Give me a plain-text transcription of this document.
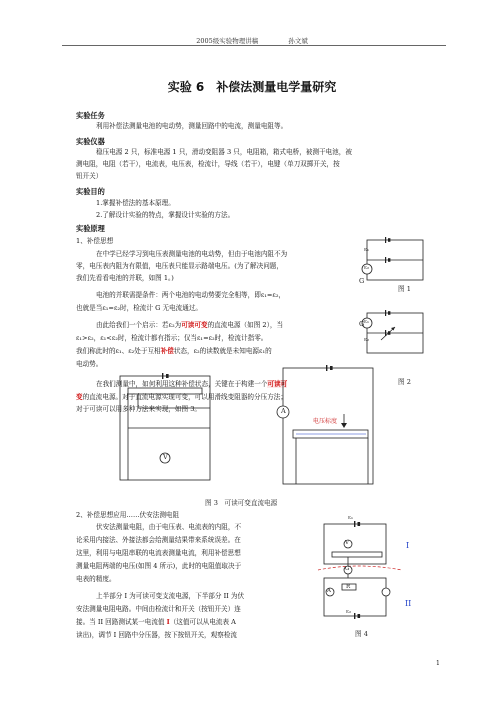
2005级实验物理讲稿	孙文斌
实验 6　补偿法测量电学量研究
实验任务
利用补偿法测量电池的电动势，测量回路中的电流，测量电阻等。
实验仪器
稳压电源 2 只，标准电源 1 只，滑动变阻器 3 只，电阻箱，箱式电桥，被测干电池，被
测电阻，电阻（若干），电流表，电压表，检流计，导线（若干），电键（单刀双掷开关，按
钮开关）
实验目的
1.掌握补偿法的基本原理。
2.了解设计实验的特点，掌握设计实验的方法。
实验原理
1、补偿思想
在中学已经学习到电压表测量电池的电动势，但由于电池内阻不为
零，电压表内阻为有限值，电压表只能显示路端电压。(为了解决问题，
我们先看看电池的并联，如图 1。)
电池的并联需提条件：两个电池的电动势要完全相等，即ε₁=ε₂，
也就是当ε₁=ε₂时，检流计 G 无电流通过。
由此给我们一个启示：若ε₂为可读可变的直流电源（如图 2），当
ε₁>ε₂，ε₁<ε₂时，检流计都有指示；仅当ε₁=ε₂时，检流计指零。
我们称此时的ε₁、ε₂处于互相补偿状态，ε₂的读数就是未知电源ε₁的
电动势。
在我们测量中，如何利用这种补偿状态，关键在于构建一个可读可
变的直流电源。对于直流电源实现可变，可以用滑线变阻器的分压方法；
对于可读可以用多种方法来实现，如图 3。
ε₁
ε₂
G
图 1
ε₁
ε₂
G
图 2
V
A
电压标度
图 3　可读可变直流电源
2、补偿思想应用……伏安法测电阻
伏安法测量电阻，由于电压表、电流表的内阻，不
论采用内接法、外接法都会给测量结果带来系统误差。在
这里，利用与电阻串联的电流表测量电流，利用补偿思想
测量电阻两端的电压(如图 4 所示)，此时的电阻值取决于
电表的精度。
上半部分 I 为可读可变支流电源，下半部分 II 为伏
安法测量电阻电路。中间由检流计和开关（按钮开关）连
接。当 II 回路测试某一电流值 I（这值可以从电流表 A
读出)，调节 I 回路中分压器，按下按钮开关，观察检流
ε₁
V
G
R
A
ε₂
I
II
图 4
1
